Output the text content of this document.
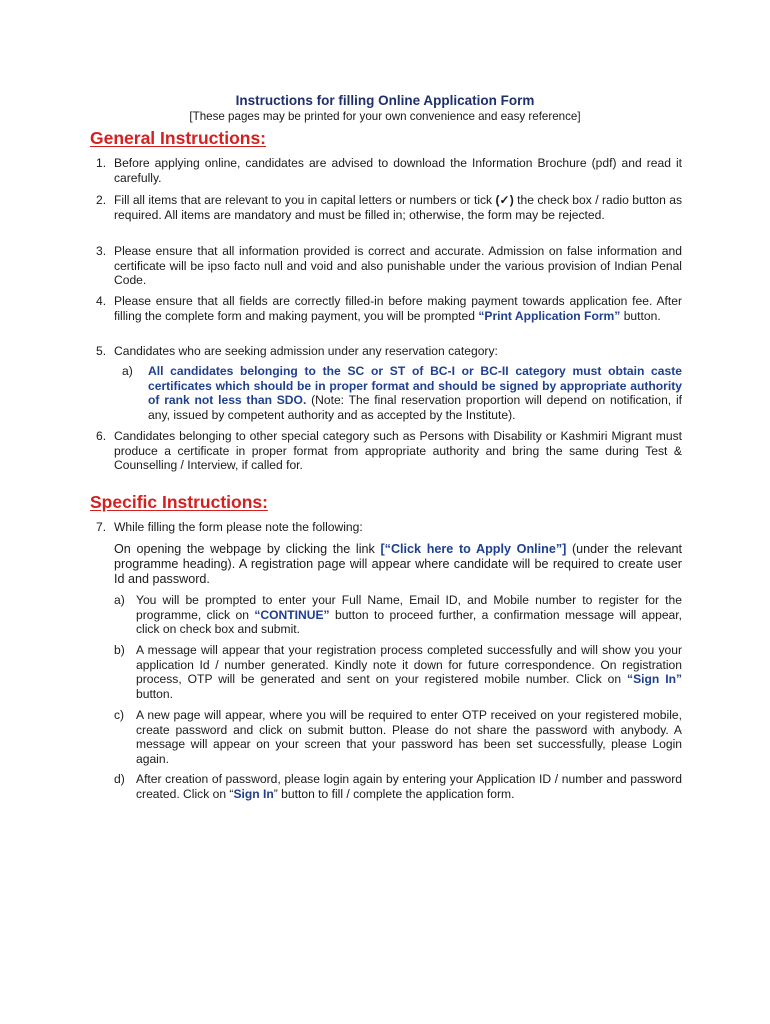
Instructions for filling Online Application Form
[These pages may be printed for your own convenience and easy reference]
General Instructions:
1. Before applying online, candidates are advised to download the Information Brochure (pdf) and read it carefully.
2. Fill all items that are relevant to you in capital letters or numbers or tick (✓) the check box / radio button as required. All items are mandatory and must be filled in; otherwise, the form may be rejected.
3. Please ensure that all information provided is correct and accurate. Admission on false information and certificate will be ipso facto null and void and also punishable under the various provision of Indian Penal Code.
4. Please ensure that all fields are correctly filled-in before making payment towards application fee. After filling the complete form and making payment, you will be prompted “Print Application Form” button.
5. Candidates who are seeking admission under any reservation category:
a) All candidates belonging to the SC or ST of BC-I or BC-II category must obtain caste certificates which should be in proper format and should be signed by appropriate authority of rank not less than SDO. (Note: The final reservation proportion will depend on notification, if any, issued by competent authority and as accepted by the Institute).
6. Candidates belonging to other special category such as Persons with Disability or Kashmiri Migrant must produce a certificate in proper format from appropriate authority and bring the same during Test & Counselling / Interview, if called for.
Specific Instructions:
7. While filling the form please note the following:
On opening the webpage by clicking the link [“Click here to Apply Online”] (under the relevant programme heading). A registration page will appear where candidate will be required to create user Id and password.
a) You will be prompted to enter your Full Name, Email ID, and Mobile number to register for the programme, click on “CONTINUE” button to proceed further, a confirmation message will appear, click on check box and submit.
b) A message will appear that your registration process completed successfully and will show you your application Id / number generated. Kindly note it down for future correspondence. On registration process, OTP will be generated and sent on your registered mobile number. Click on “Sign In” button.
c) A new page will appear, where you will be required to enter OTP received on your registered mobile, create password and click on submit button. Please do not share the password with anybody. A message will appear on your screen that your password has been set successfully, please Login again.
d) After creation of password, please login again by entering your Application ID / number and password created. Click on “Sign In” button to fill / complete the application form.
